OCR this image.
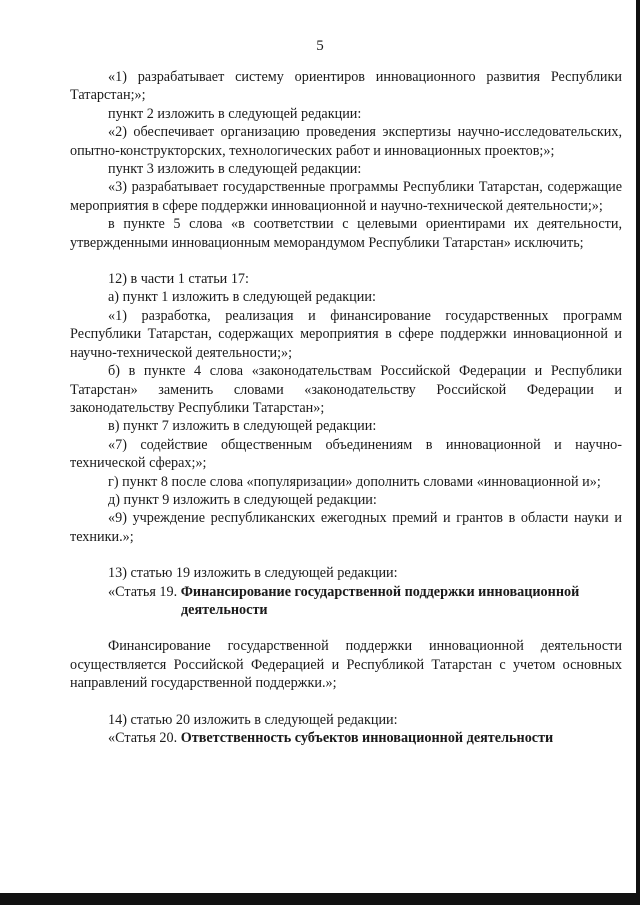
5

«1) разрабатывает систему ориентиров инновационного развития Республики Татарстан;»;

пункт 2 изложить в следующей редакции:

«2) обеспечивает организацию проведения экспертизы научно-исследовательских, опытно-конструкторских, технологических работ и инновационных проектов;»;

пункт 3 изложить в следующей редакции:

«3) разрабатывает государственные программы Республики Татарстан, содержащие мероприятия в сфере поддержки инновационной и научно-технической деятельности;»;

в пункте 5 слова «в соответствии с целевыми ориентирами их деятельности, утвержденными инновационным меморандумом Республики Татарстан» исключить;

12) в части 1 статьи 17:

а) пункт 1 изложить в следующей редакции:

«1) разработка, реализация и финансирование государственных программ Республики Татарстан, содержащих мероприятия в сфере поддержки инновационной и научно-технической деятельности;»;

б) в пункте 4 слова «законодательствам Российской Федерации и Республики Татарстан» заменить словами «законодательству Российской Федерации и законодательству Республики Татарстан»;

в) пункт 7 изложить в следующей редакции:

«7) содействие общественным объединениям в инновационной и научно-технической сферах;»;

г) пункт 8 после слова «популяризации» дополнить словами «инновационной и»;

д) пункт 9 изложить в следующей редакции:

«9) учреждение республиканских ежегодных премий и грантов в области науки и техники.»;

13) статью 19 изложить в следующей редакции:

«Статья 19. Финансирование государственной поддержки инновационной
деятельности

Финансирование государственной поддержки инновационной деятельности осуществляется Российской Федерацией и Республикой Татарстан с учетом основных направлений государственной поддержки.»;

14) статью 20 изложить в следующей редакции:

«Статья 20. Ответственность субъектов инновационной деятельности
